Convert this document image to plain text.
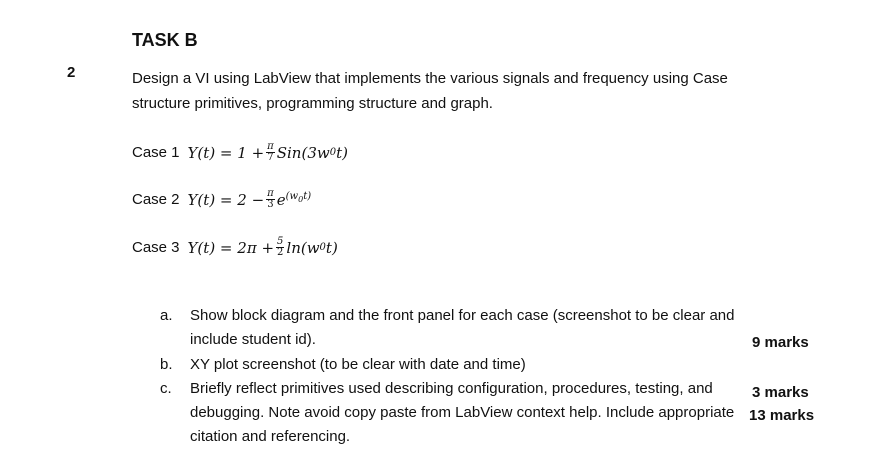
TASK B
2	Design a VI using LabView that implements the various signals and frequency using Case structure primitives, programming structure and graph.
Case 1 $Y(t) = 1 + \frac{\pi}{7} Sin(3w$ 0 t)
Case 2 $Y(t) = 2 - \frac{\pi}{3}$ e $^{(w_0t)}$
Case 3 $Y(t) = 2\pi + \frac{5}{2} \ln(w$ 0 t)
a. Show block diagram and the front panel for each case (screenshot to be clear and include student id).
b. XY plot screenshot (to be clear with date and time)
c. Briefly reflect primitives used describing configuration, procedures, testing, and debugging. Note avoid copy paste from LabView context help. Include appropriate citation and referencing.
9 marks
3 marks
13 marks
